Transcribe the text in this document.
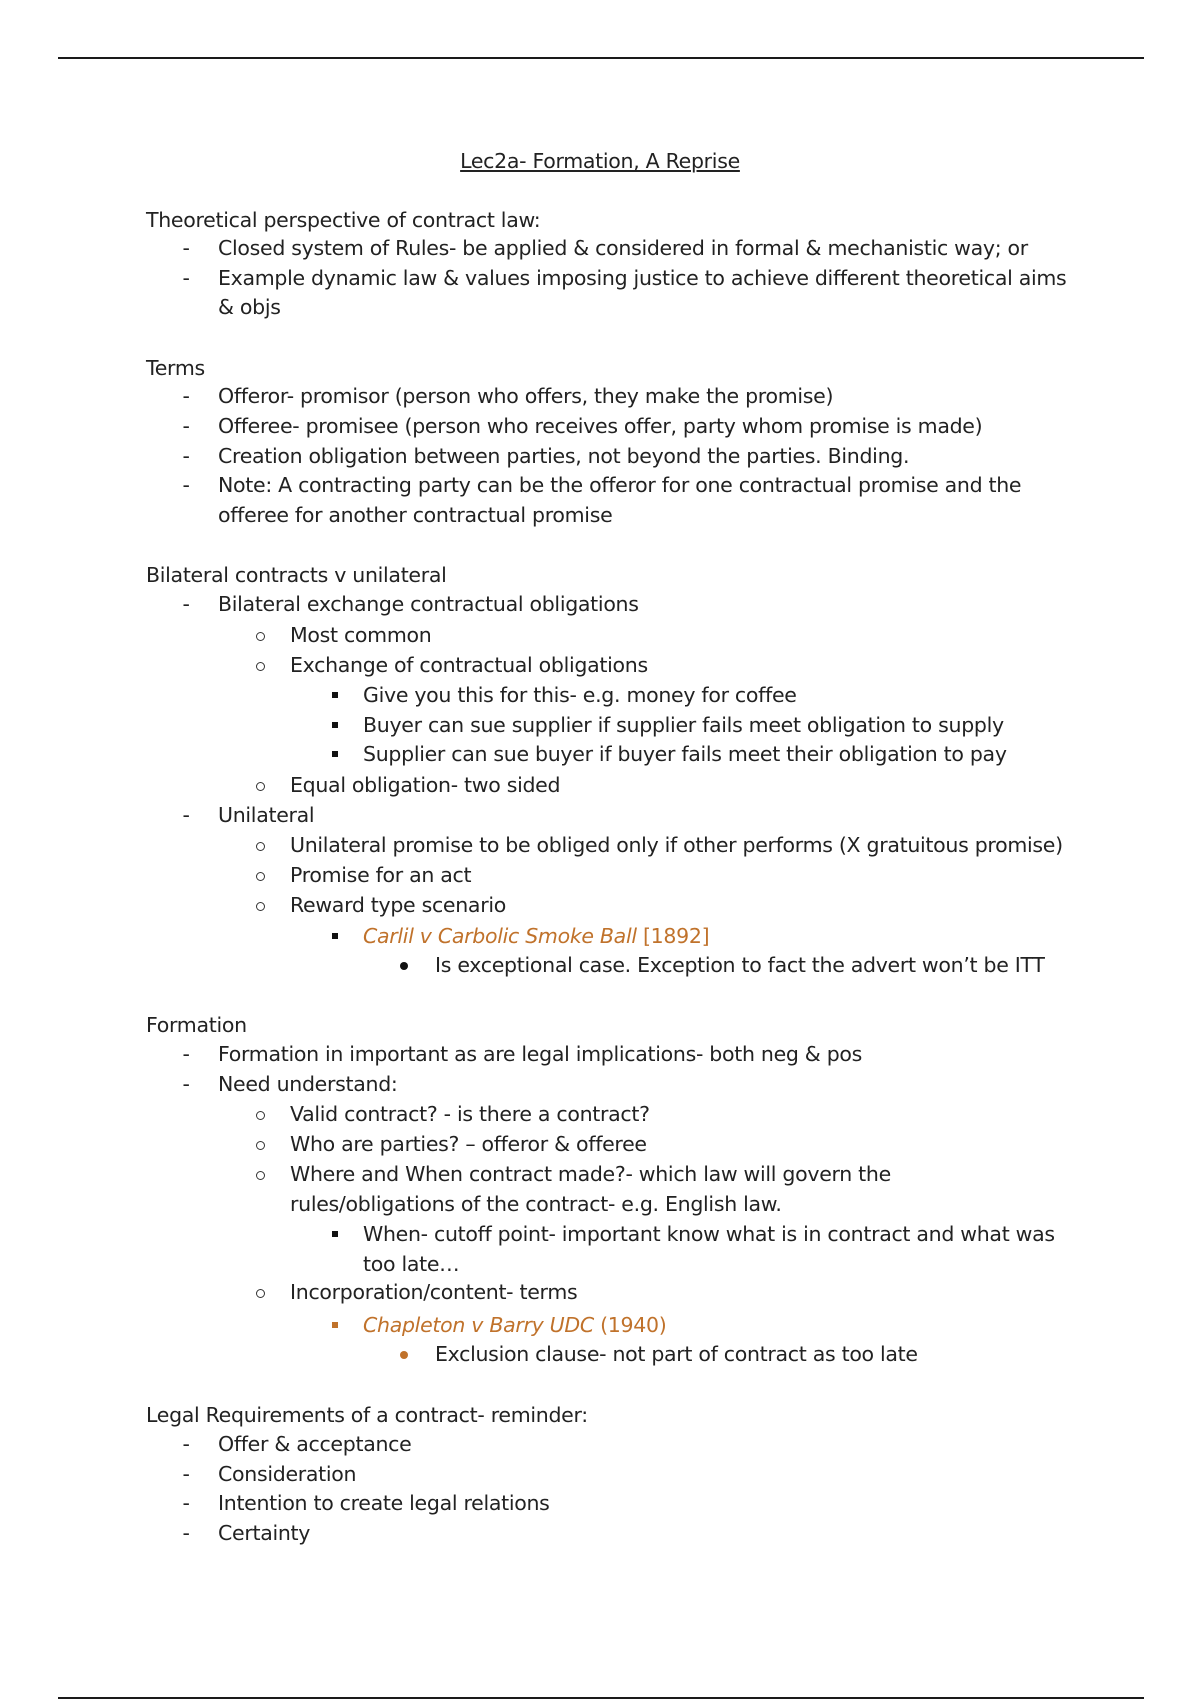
Lec2a- Formation, A Reprise
Theoretical perspective of contract law:
-	Closed system of Rules- be applied & considered in formal & mechanistic way; or
-	Example dynamic law & values imposing justice to achieve different theoretical aims
& objs
Terms
-	Offeror- promisor (person who offers, they make the promise)
-	Offeree- promisee (person who receives offer, party whom promise is made)
-	Creation obligation between parties, not beyond the parties. Binding.
-	Note: A contracting party can be the offeror for one contractual promise and the
offeree for another contractual promise
Bilateral contracts v unilateral
-	Bilateral exchange contractual obligations
Most common
Exchange of contractual obligations
Give you this for this- e.g. money for coffee
Buyer can sue supplier if supplier fails meet obligation to supply
Supplier can sue buyer if buyer fails meet their obligation to pay
Equal obligation- two sided
-	Unilateral
Unilateral promise to be obliged only if other performs (X gratuitous promise)
Promise for an act
Reward type scenario
Carlil v Carbolic Smoke Ball [1892]
Is exceptional case. Exception to fact the advert won’t be ITT
Formation
-	Formation in important as are legal implications- both neg & pos
-	Need understand:
Valid contract? - is there a contract?
Who are parties? – offeror & offeree
Where and When contract made?- which law will govern the
rules/obligations of the contract- e.g. English law.
When- cutoff point- important know what is in contract and what was
too late…
Incorporation/content- terms
Chapleton v Barry UDC (1940)
Exclusion clause- not part of contract as too late
Legal Requirements of a contract- reminder:
-	Offer & acceptance
-	Consideration
-	Intention to create legal relations
-	Certainty
